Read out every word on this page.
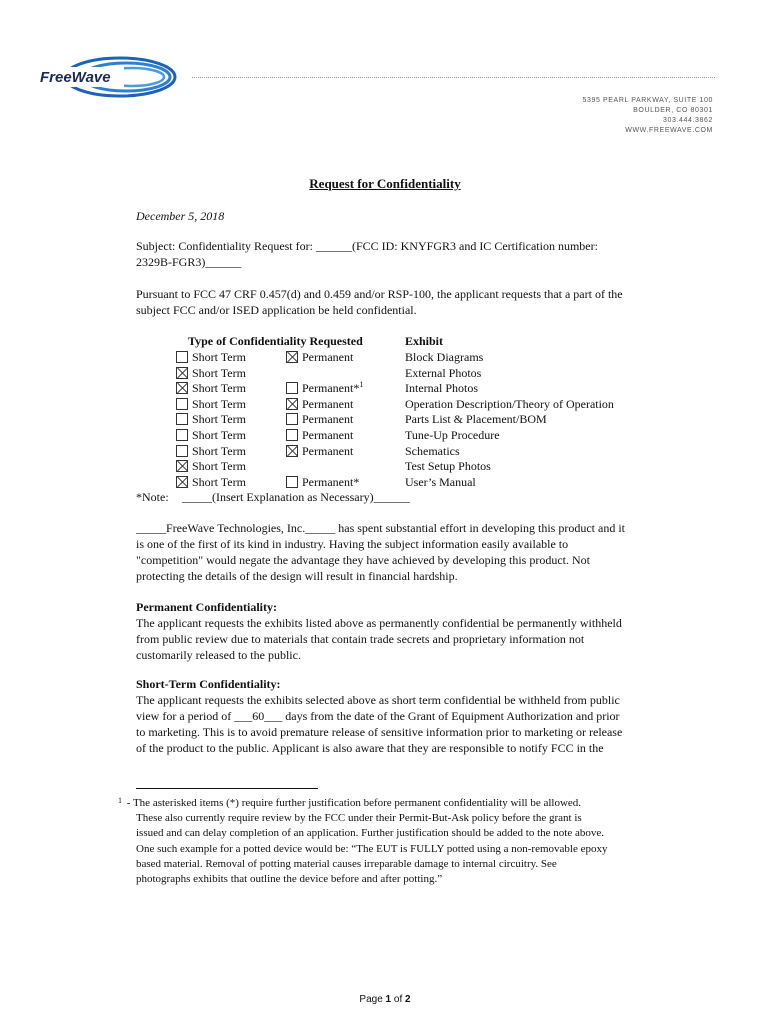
FreeWave
5395 PEARL PARKWAY, SUITE 100
BOULDER, CO 80301
303.444.3862
WWW.FREEWAVE.COM
Request for Confidentiality
December 5, 2018
Subject: Confidentiality Request for: ______(FCC ID: KNYFGR3 and IC Certification number:
2329B-FGR3)______
Pursuant to FCC 47 CRF 0.457(d) and 0.459 and/or RSP-100, the applicant requests that a part of the
subject FCC and/or ISED application be held confidential.
Type of Confidentiality Requested	Exhibit
Short Term
Short Term
Short Term
Short Term
Short Term
Short Term
Short Term
Short Term
Short Term
Permanent
Permanent*$^1$
Permanent
Permanent
Permanent
Permanent
Permanent*
Block Diagrams
External Photos
Internal Photos
Operation Description/Theory of Operation
Parts List & Placement/BOM
Tune-Up Procedure
Schematics
Test Setup Photos
User’s Manual
*Note: _____(Insert Explanation as Necessary)______
_____FreeWave Technologies, Inc._____ has spent substantial effort in developing this product and it
is one of the first of its kind in industry. Having the subject information easily available to
"competition" would negate the advantage they have achieved by developing this product. Not
protecting the details of the design will result in financial hardship.
Permanent Confidentiality:
The applicant requests the exhibits listed above as permanently confidential be permanently withheld
from public review due to materials that contain trade secrets and proprietary information not
customarily released to the public.
Short-Term Confidentiality:
The applicant requests the exhibits selected above as short term confidential be withheld from public
view for a period of ___60___ days from the date of the Grant of Equipment Authorization and prior
to marketing. This is to avoid premature release of sensitive information prior to marketing or release
of the product to the public. Applicant is also aware that they are responsible to notify FCC in the
1 - The asterisked items (*) require further justification before permanent confidentiality will be allowed.
These also currently require review by the FCC under their Permit-But-Ask policy before the grant is
issued and can delay completion of an application. Further justification should be added to the note above.
One such example for a potted device would be: “The EUT is FULLY potted using a non-removable epoxy
based material. Removal of potting material causes irreparable damage to internal circuitry. See
photographs exhibits that outline the device before and after potting.”
Page 1 of 2
